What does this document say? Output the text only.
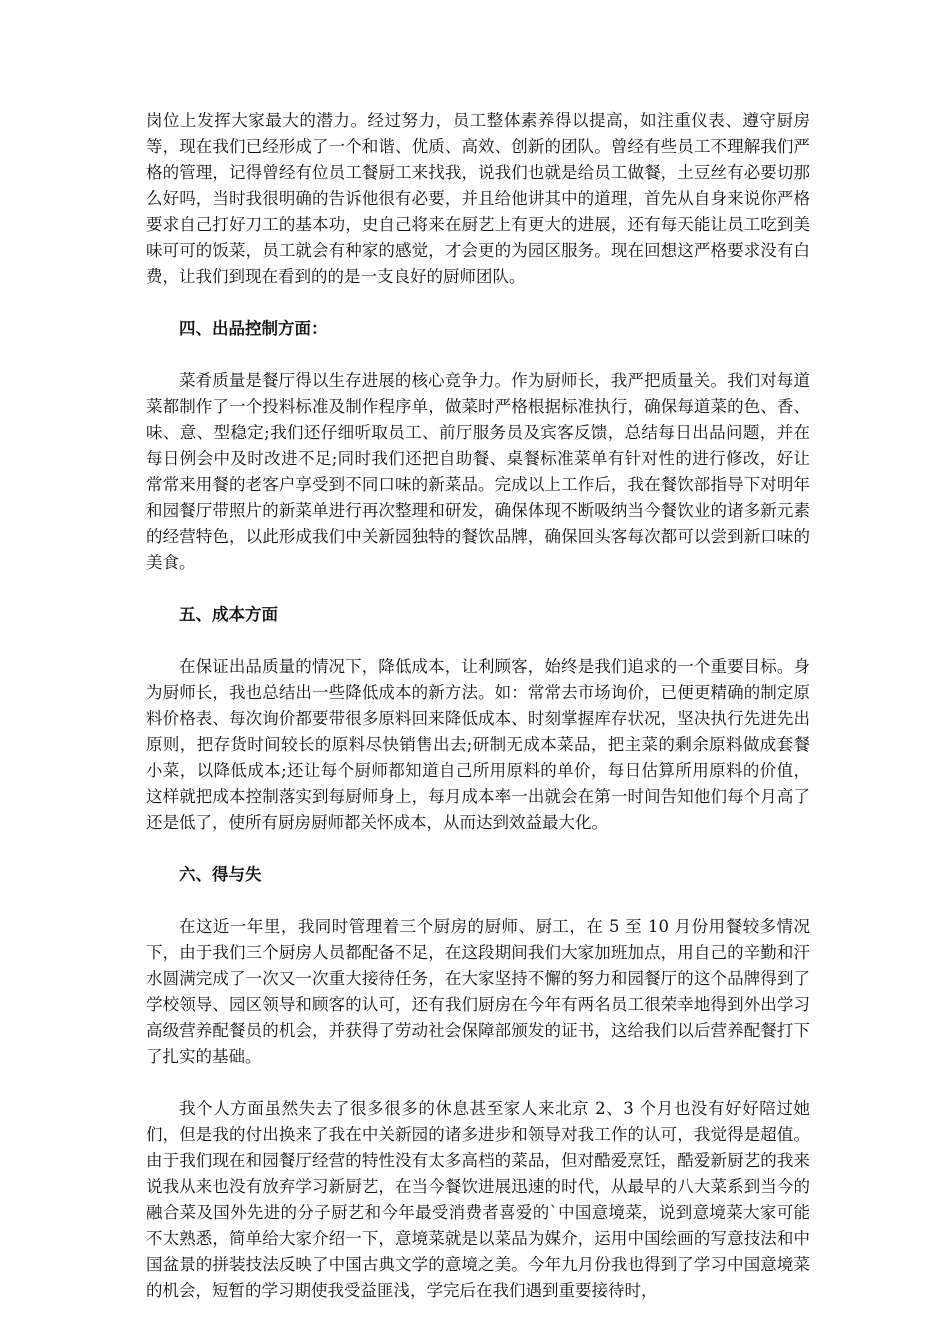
岗位上发挥大家最大的潜力。经过努力，员工整体素养得以提高，如注重仪表、遵守厨房等，现在我们已经形成了一个和谐、优质、高效、创新的团队。曾经有些员工不理解我们严格的管理，记得曾经有位员工餐厨工来找我，说我们也就是给员工做餐，土豆丝有必要切那么好吗，当时我很明确的告诉他很有必要，并且给他讲其中的道理，首先从自身来说你严格要求自己打好刀工的基本功，史自己将来在厨艺上有更大的进展，还有每天能让员工吃到美味可可的饭菜，员工就会有种家的感觉，才会更的为园区服务。现在回想这严格要求没有白费，让我们到现在看到的的是一支良好的厨师团队。

四、出品控制方面：

菜肴质量是餐厅得以生存进展的核心竞争力。作为厨师长，我严把质量关。我们对每道菜都制作了一个投料标准及制作程序单，做菜时严格根据标准执行，确保每道菜的色、香、味、意、型稳定;我们还仔细听取员工、前厅服务员及宾客反馈，总结每日出品问题，并在每日例会中及时改进不足;同时我们还把自助餐、桌餐标准菜单有针对性的进行修改，好让常常来用餐的老客户享受到不同口味的新菜品。完成以上工作后，我在餐饮部指导下对明年和园餐厅带照片的新菜单进行再次整理和研发，确保体现不断吸纳当今餐饮业的诸多新元素的经营特色，以此形成我们中关新园独特的餐饮品牌，确保回头客每次都可以尝到新口味的美食。

五、成本方面

在保证出品质量的情况下，降低成本，让利顾客，始终是我们追求的一个重要目标。身为厨师长，我也总结出一些降低成本的新方法。如：常常去市场询价，已便更精确的制定原料价格表、每次询价都要带很多原料回来降低成本、时刻掌握库存状况，坚决执行先进先出原则，把存货时间较长的原料尽快销售出去;研制无成本菜品，把主菜的剩余原料做成套餐小菜，以降低成本;还让每个厨师都知道自己所用原料的单价，每日估算所用原料的价值，这样就把成本控制落实到每厨师身上，每月成本率一出就会在第一时间告知他们每个月高了还是低了，使所有厨房厨师都关怀成本，从而达到效益最大化。

六、得与失

在这近一年里，我同时管理着三个厨房的厨师、厨工，在 5 至 10 月份用餐较多情况下，由于我们三个厨房人员都配备不足，在这段期间我们大家加班加点，用自己的辛勤和汗水圆满完成了一次又一次重大接待任务，在大家坚持不懈的努力和园餐厅的这个品牌得到了学校领导、园区领导和顾客的认可，还有我们厨房在今年有两名员工很荣幸地得到外出学习高级营养配餐员的机会，并获得了劳动社会保障部颁发的证书，这给我们以后营养配餐打下了扎实的基础。

我个人方面虽然失去了很多很多的休息甚至家人来北京 2、3 个月也没有好好陪过她们，但是我的付出换来了我在中关新园的诸多进步和领导对我工作的认可，我觉得是超值。由于我们现在和园餐厅经营的特性没有太多高档的菜品，但对酷爱烹饪，酷爱新厨艺的我来说我从来也没有放弃学习新厨艺，在当今餐饮进展迅速的时代，从最早的八大菜系到当今的融合菜及国外先进的分子厨艺和今年最受消费者喜爱的`中国意境菜，说到意境菜大家可能不太熟悉，简单给大家介绍一下，意境菜就是以菜品为媒介，运用中国绘画的写意技法和中国盆景的拼装技法反映了中国古典文学的意境之美。今年九月份我也得到了学习中国意境菜的机会，短暂的学习期使我受益匪浅，学完后在我们遇到重要接待时，
